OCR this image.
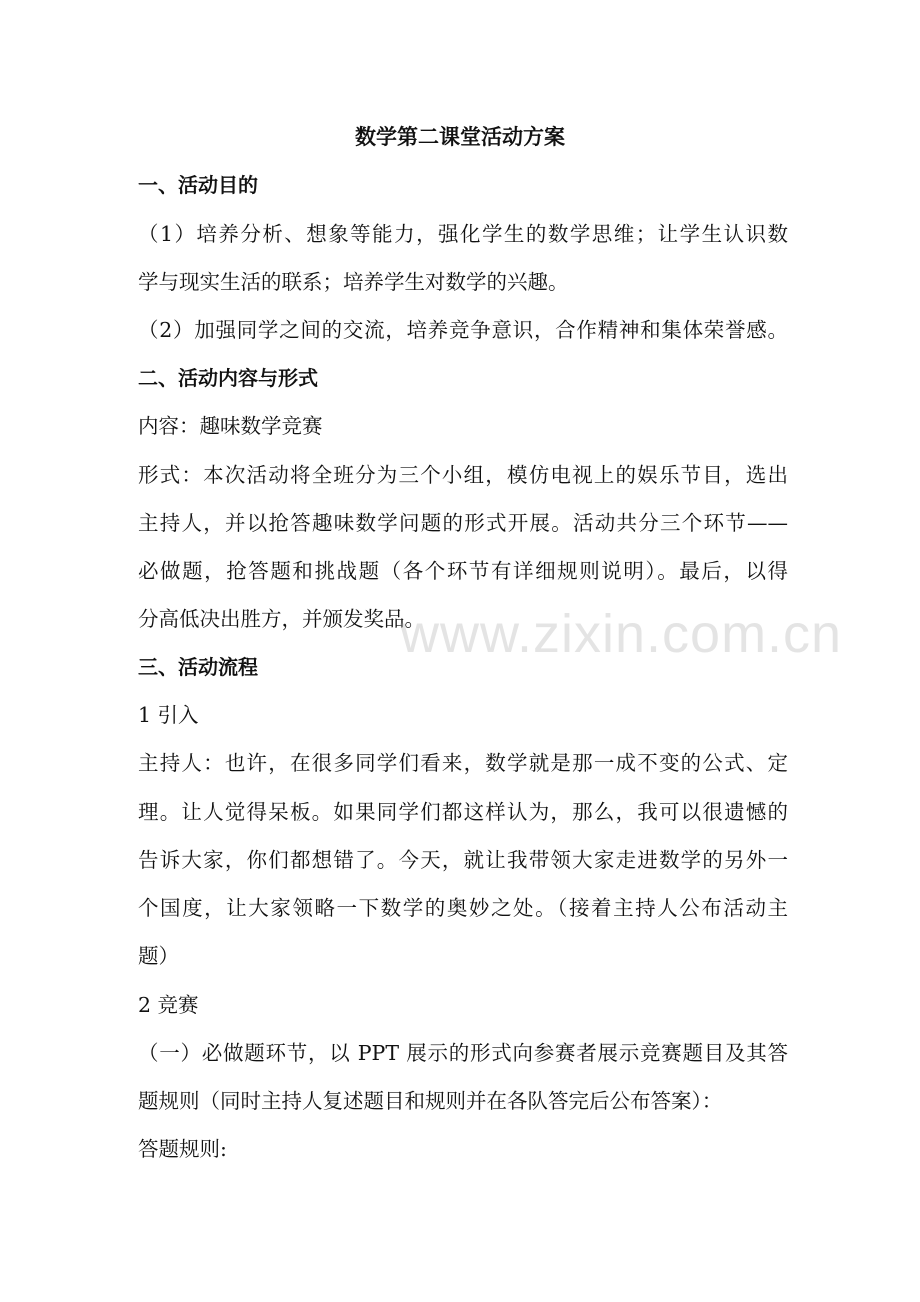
数学第二课堂活动方案
一、活动目的
（1）培养分析、想象等能力，强化学生的数学思维；让学生认识数
学与现实生活的联系；培养学生对数学的兴趣。
（2）加强同学之间的交流，培养竞争意识，合作精神和集体荣誉感。
二、活动内容与形式
内容：趣味数学竞赛
形式：本次活动将全班分为三个小组，模仿电视上的娱乐节目，选出
主持人，并以抢答趣味数学问题的形式开展。活动共分三个环节——
必做题，抢答题和挑战题（各个环节有详细规则说明）。最后，以得
分高低决出胜方，并颁发奖品。
三、活动流程
1 引入
主持人：也许，在很多同学们看来，数学就是那一成不变的公式、定
理。让人觉得呆板。如果同学们都这样认为，那么，我可以很遗憾的
告诉大家，你们都想错了。今天，就让我带领大家走进数学的另外一
个国度，让大家领略一下数学的奥妙之处。（接着主持人公布活动主
题）
2 竞赛
（一）必做题环节，以 PPT 展示的形式向参赛者展示竞赛题目及其答
题规则（同时主持人复述题目和规则并在各队答完后公布答案）：
答题规则:
www.zixin.com.cn
